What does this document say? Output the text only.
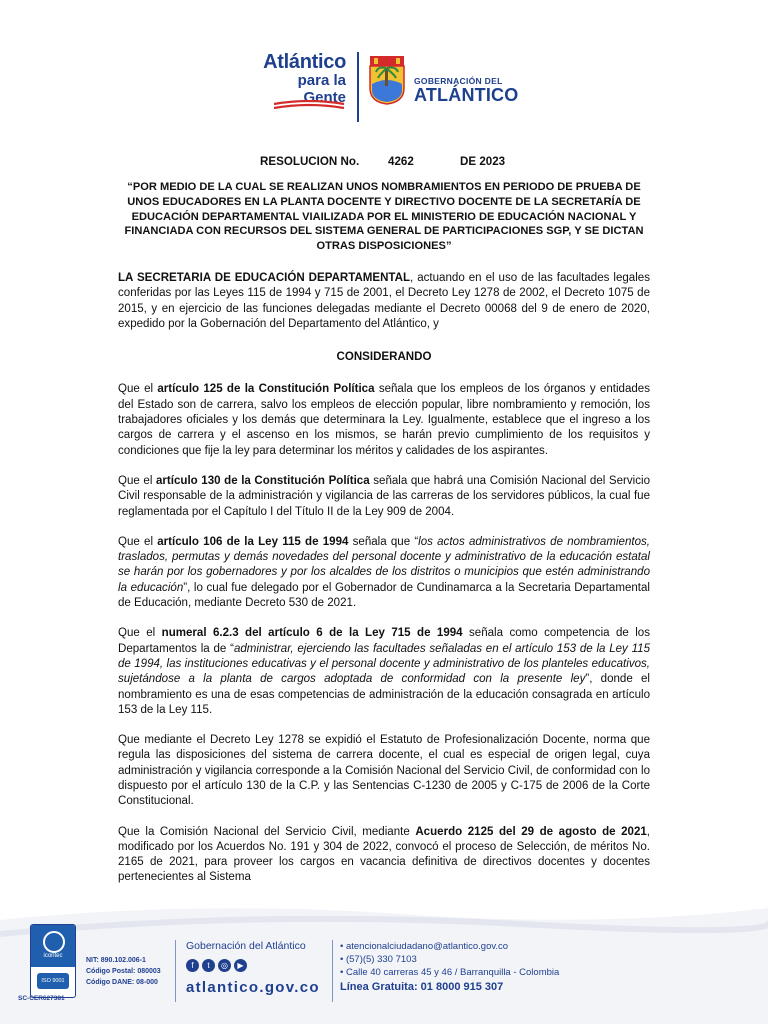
Atlántico
para la Gente
GOBERNACIÓN DEL
ATLÁNTICO
RESOLUCION No. 4262	DE 2023
“POR MEDIO DE LA CUAL SE REALIZAN UNOS NOMBRAMIENTOS EN PERIODO DE PRUEBA DE UNOS EDUCADORES EN LA PLANTA DOCENTE Y DIRECTIVO DOCENTE DE LA SECRETARÍA DE EDUCACIÓN DEPARTAMENTAL VIAILIZADA POR EL MINISTERIO DE EDUCACIÓN NACIONAL Y FINANCIADA CON RECURSOS DEL SISTEMA GENERAL DE PARTICIPACIONES SGP, Y SE DICTAN OTRAS DISPOSICIONES”

LA SECRETARIA DE EDUCACIÓN DEPARTAMENTAL, actuando en el uso de las facultades legales conferidas por las Leyes 115 de 1994 y 715 de 2001, el Decreto Ley 1278 de 2002, el Decreto 1075 de 2015, y en ejercicio de las funciones delegadas mediante el Decreto 00068 del 9 de enero de 2020, expedido por la Gobernación del Departamento del Atlántico, y

CONSIDERANDO

Que el artículo 125 de la Constitución Política señala que los empleos de los órganos y entidades del Estado son de carrera, salvo los empleos de elección popular, libre nombramiento y remoción, los trabajadores oficiales y los demás que determinara la Ley. Igualmente, establece que el ingreso a los cargos de carrera y el ascenso en los mismos, se harán previo cumplimiento de los requisitos y condiciones que fije la ley para determinar los méritos y calidades de los aspirantes.

Que el artículo 130 de la Constitución Política señala que habrá una Comisión Nacional del Servicio Civil responsable de la administración y vigilancia de las carreras de los servidores públicos, la cual fue reglamentada por el Capítulo I del Título II de la Ley 909 de 2004.

Que el artículo 106 de la Ley 115 de 1994 señala que “los actos administrativos de nombramientos, traslados, permutas y demás novedades del personal docente y administrativo de la educación estatal se harán por los gobernadores y por los alcaldes de los distritos o municipios que estén administrando la educación”, lo cual fue delegado por el Gobernador de Cundinamarca a la Secretaria Departamental de Educación, mediante Decreto 530 de 2021.

Que el numeral 6.2.3 del artículo 6 de la Ley 715 de 1994 señala como competencia de los Departamentos la de “administrar, ejerciendo las facultades señaladas en el artículo 153 de la Ley 115 de 1994, las instituciones educativas y el personal docente y administrativo de los planteles educativos, sujetándose a la planta de cargos adoptada de conformidad con la presente ley”, donde el nombramiento es una de esas competencias de administración de la educación consagrada en artículo 153 de la Ley 115.

Que mediante el Decreto Ley 1278 se expidió el Estatuto de Profesionalización Docente, norma que regula las disposiciones del sistema de carrera docente, el cual es especial de origen legal, cuya administración y vigilancia corresponde a la Comisión Nacional del Servicio Civil, de conformidad con lo dispuesto por el artículo 130 de la C.P. y las Sentencias C-1230 de 2005 y C-175 de 2006 de la Corte Constitucional.

Que la Comisión Nacional del Servicio Civil, mediante Acuerdo 2125 del 29 de agosto de 2021, modificado por los Acuerdos No. 191 y 304 de 2022, convocó el proceso de Selección, de méritos No. 2165 de 2021, para proveer los cargos en vacancia definitiva de directivos docentes y docentes pertenecientes al Sistema

icontec
ISO 9001
SC-CER627381
NIT: 890.102.006-1
Código Postal: 080003
Código DANE: 08-000
Gobernación del Atlántico
f t ◎ ▶
atlantico.gov.co
• atencionalciudadano@atlantico.gov.co
• (57)(5) 330 7103
• Calle 40 carreras 45 y 46 / Barranquilla - Colombia
Línea Gratuita: 01 8000 915 307
